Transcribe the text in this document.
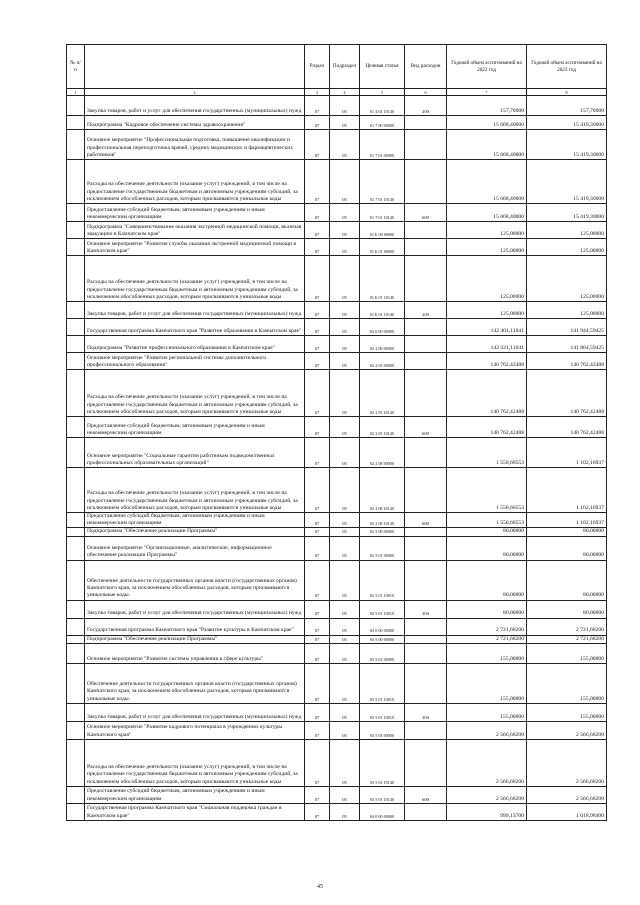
№ п/п		Раздел	Подраздел	Целевая статья	Вид расходов	Годовой объем ассигнований на 2022 год	Годовой объем ассигнований на 2023 год
1	2	3	4	5	6	7	8
	Закупка товаров, работ и услуг для обеспечения государственных (муниципальных) нужд	07	05	01 4 02 10140	200	157,70000	157,70000
	Подпрограмма "Кадровое обеспечение системы здравоохранения"	07	05	01 7 00 00000		15 668,40000	15 419,30000
	Основное мероприятие "Профессиональная подготовка, повышение квалификации и профессиональная переподготовка врачей, средних медицинских и фармацевтических работников"	07	05	01 7 01 00000		15 668,40000	15 419,30000
	Расходы на обеспечение деятельности (оказание услуг) учреждений, в том числе на предоставление государственным бюджетным и автономным учреждениям субсидий, за исключением обособленных расходов, которым присваиваются уникальные коды	07	05	01 7 01 10140		15 668,40000	15 419,30000
	Предоставление субсидий бюджетным, автономным учреждениям и иным некоммерческим организациям	07	05	01 7 01 10140	600	15 668,40000	15 419,30000
	Подпрограмма "Совершенствование оказания экстренной медицинской помощи, включая эвакуацию в Камчатском крае"	07	05	01 Б 00 00000		125,00000	125,00000
	Основное мероприятие "Развитие службы оказания экстренной медицинской помощи в Камчатском крае"	07	05	01 Б 01 00000		125,00000	125,00000
	Расходы на обеспечение деятельности (оказание услуг) учреждений, в том числе на предоставление государственным бюджетным и автономным учреждениям субсидий, за исключением обособленных расходов, которым присваиваются уникальные коды	07	05	01 Б 01 10140		125,00000	125,00000
	Закупка товаров, работ и услуг для обеспечения государственных (муниципальных) нужд	07	05	01 Б 01 10140	200	125,00000	125,00000
	Государственная программа Камчатского края "Развитие образования в Камчатском крае"	07	05	02 0 00 00000		142 401,11041	141 944,59425
	Подпрограмма "Развитие профессионального образования в Камчатском крае"	07	05	02 2 00 00000		142 321,11041	141 864,59425
	Основное мероприятие "Развитие региональной системы дополнительного профессионального образования"	07	05	02 2 05 00000		140 762,42488	140 762,42488
	Расходы на обеспечение деятельности (оказание услуг) учреждений, в том числе на предоставление государственным бюджетным и автономным учреждениям субсидий, за исключением обособленных расходов, которым присваиваются уникальные коды	07	05	02 2 05 10140		140 762,42488	140 762,42488
	Предоставление субсидий бюджетным, автономным учреждениям и иным некоммерческим организациям	07	05	02 2 05 10140	600	140 762,42488	140 762,42488
	Основное мероприятие "Социальные гарантии работникам подведомственных профессиональных образовательных организаций"	07	05	02 2 08 00000		1 558,68553	1 102,16937
	Расходы на обеспечение деятельности (оказание услуг) учреждений, в том числе на предоставление государственным бюджетным и автономным учреждениям субсидий, за исключением обособленных расходов, которым присваиваются уникальные коды	07	05	02 2 08 10140		1 558,68553	1 102,16937
	Предоставление субсидий бюджетным, автономным учреждениям и иным некоммерческим организациям	07	05	02 2 08 10140	600	1 558,68553	1 102,16937
	Подпрограмма "Обеспечение реализации Программы"	07	05	02 5 00 00000		80,00000	80,00000
	Основное мероприятие "Организационные, аналитические, информационное обеспечение реализации Программы"	07	05	02 5 01 00000		80,00000	80,00000
	Обеспечение деятельности государственных органов власти (государственных органов) Камчатского края, за исключением обособленных расходов, которым присваиваются уникальные коды.	07	05	02 5 01 10010		80,00000	80,00000
	Закупка товаров, работ и услуг для обеспечения государственных (муниципальных) нужд	07	05	02 5 01 10010	200	80,00000	80,00000
	Государственная программа Камчатского края "Развитие культуры в Камчатском крае"	07	05	03 0 00 00000		2 721,68200	2 721,68200
	Подпрограмма "Обеспечение реализации Программы"	07	05	03 5 00 00000		2 721,68200	2 721,68200
	Основное мероприятие "Развитие системы управления в сфере культуры"	07	05	03 5 01 00000		155,00000	155,00000
	Обеспечение деятельности государственных органов власти (государственных органов) Камчатского края, за исключением обособленных расходов, которым присваиваются уникальные коды.	07	05	03 5 01 10010		155,00000	155,00000
	Закупка товаров, работ и услуг для обеспечения государственных (муниципальных) нужд	07	05	03 5 01 10010	200	155,00000	155,00000
	Основное мероприятие "Развитие кадрового потенциала в учреждениях культуры Камчатского края"	07	05	03 5 03 00000		2 566,68200	2 566,68200
	Расходы на обеспечение деятельности (оказание услуг) учреждений, в том числе на предоставление государственным бюджетным и автономным учреждениям субсидий, за исключением обособленных расходов, которым присваиваются уникальные коды	07	05	03 5 03 10140		2 566,68200	2 566,68200
	Предоставление субсидий бюджетным, автономным учреждениям и иным некоммерческим организациям	07	05	03 5 03 10140	600	2 566,68200	2 566,68200
	Государственная программа Камчатского края "Социальная поддержка граждан в Камчатском крае"	07	05	04 0 00 00000		999,13700	1 018,98400
45
